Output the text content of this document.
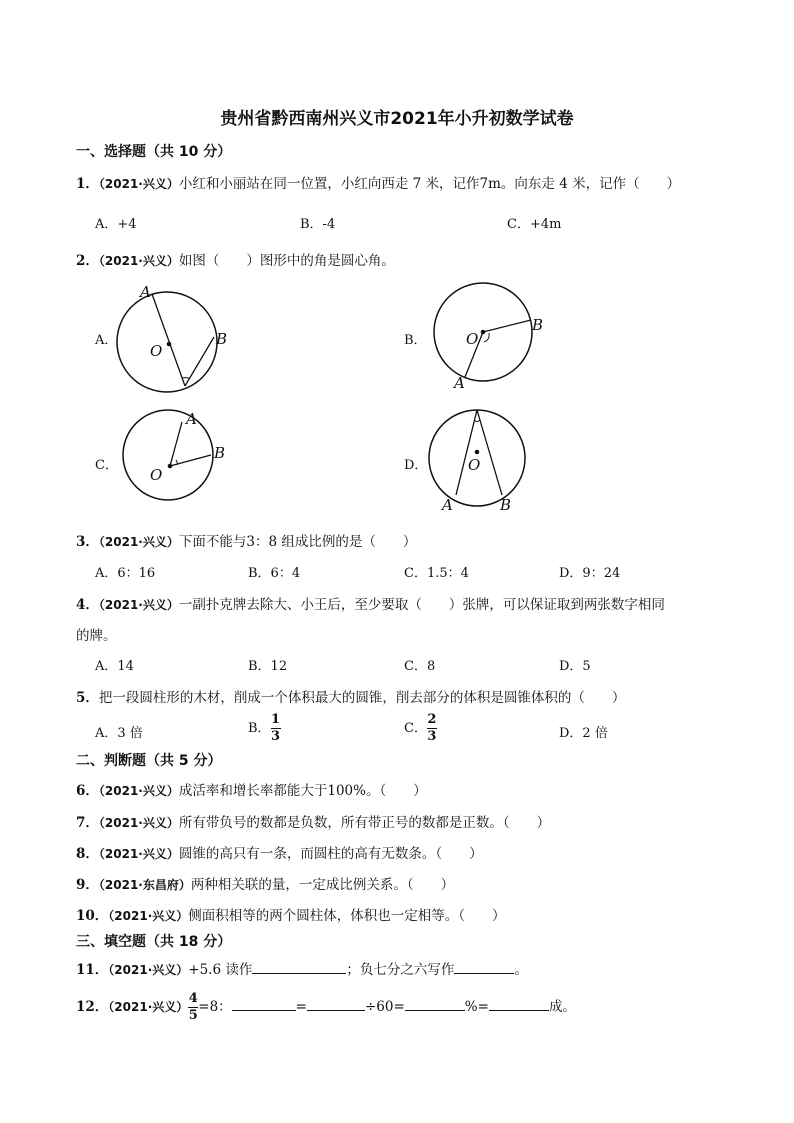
贵州省黔西南州兴义市2021年小升初数学试卷
一、选择题（共 10 分）
1．（2021·兴义）小红和小丽站在同一位置，小红向西走 7 米，记作7m。向东走 4 米，记作（　　）
A．+4	B．-4	C．+4m
2．（2021·兴义）如图（　　）图形中的角是圆心角。
A．	B．
C．	D．
A
B
O
B
A
O
A
B
O
O
A	B
3．（2021·兴义）下面不能与3：8 组成比例的是（　　）
A．6：16	B．6：4	C．1.5：4	D．9：24
4．（2021·兴义）一副扑克牌去除大、小王后，至少要取（　　）张牌，可以保证取到两张数字相同
的牌。
A．14	B．12	C．8	D．5
5．把一段圆柱形的木材，削成一个体积最大的圆锥，削去部分的体积是圆锥体积的（　　）
A．3 倍	B． $\frac{1}{3}$	C． $\frac{2}{3}$	D．2 倍
二、判断题（共 5 分）
6．（2021·兴义）成活率和增长率都能大于100%。（　　）
7．（2021·兴义）所有带负号的数都是负数，所有带正号的数都是正数。（　　）
8．（2021·兴义）圆锥的高只有一条，而圆柱的高有无数条。（　　）
9．（2021·东昌府）两种相关联的量，一定成比例关系。（　　）
10．（2021·兴义）侧面积相等的两个圆柱体，体积也一定相等。（　　）
三、填空题（共 18 分）
11．（2021·兴义）+5.6 读作	；负七分之六写作	。
12．（2021·兴义） $\frac{4}{5} =8$：	=	÷60=	%=	成。
